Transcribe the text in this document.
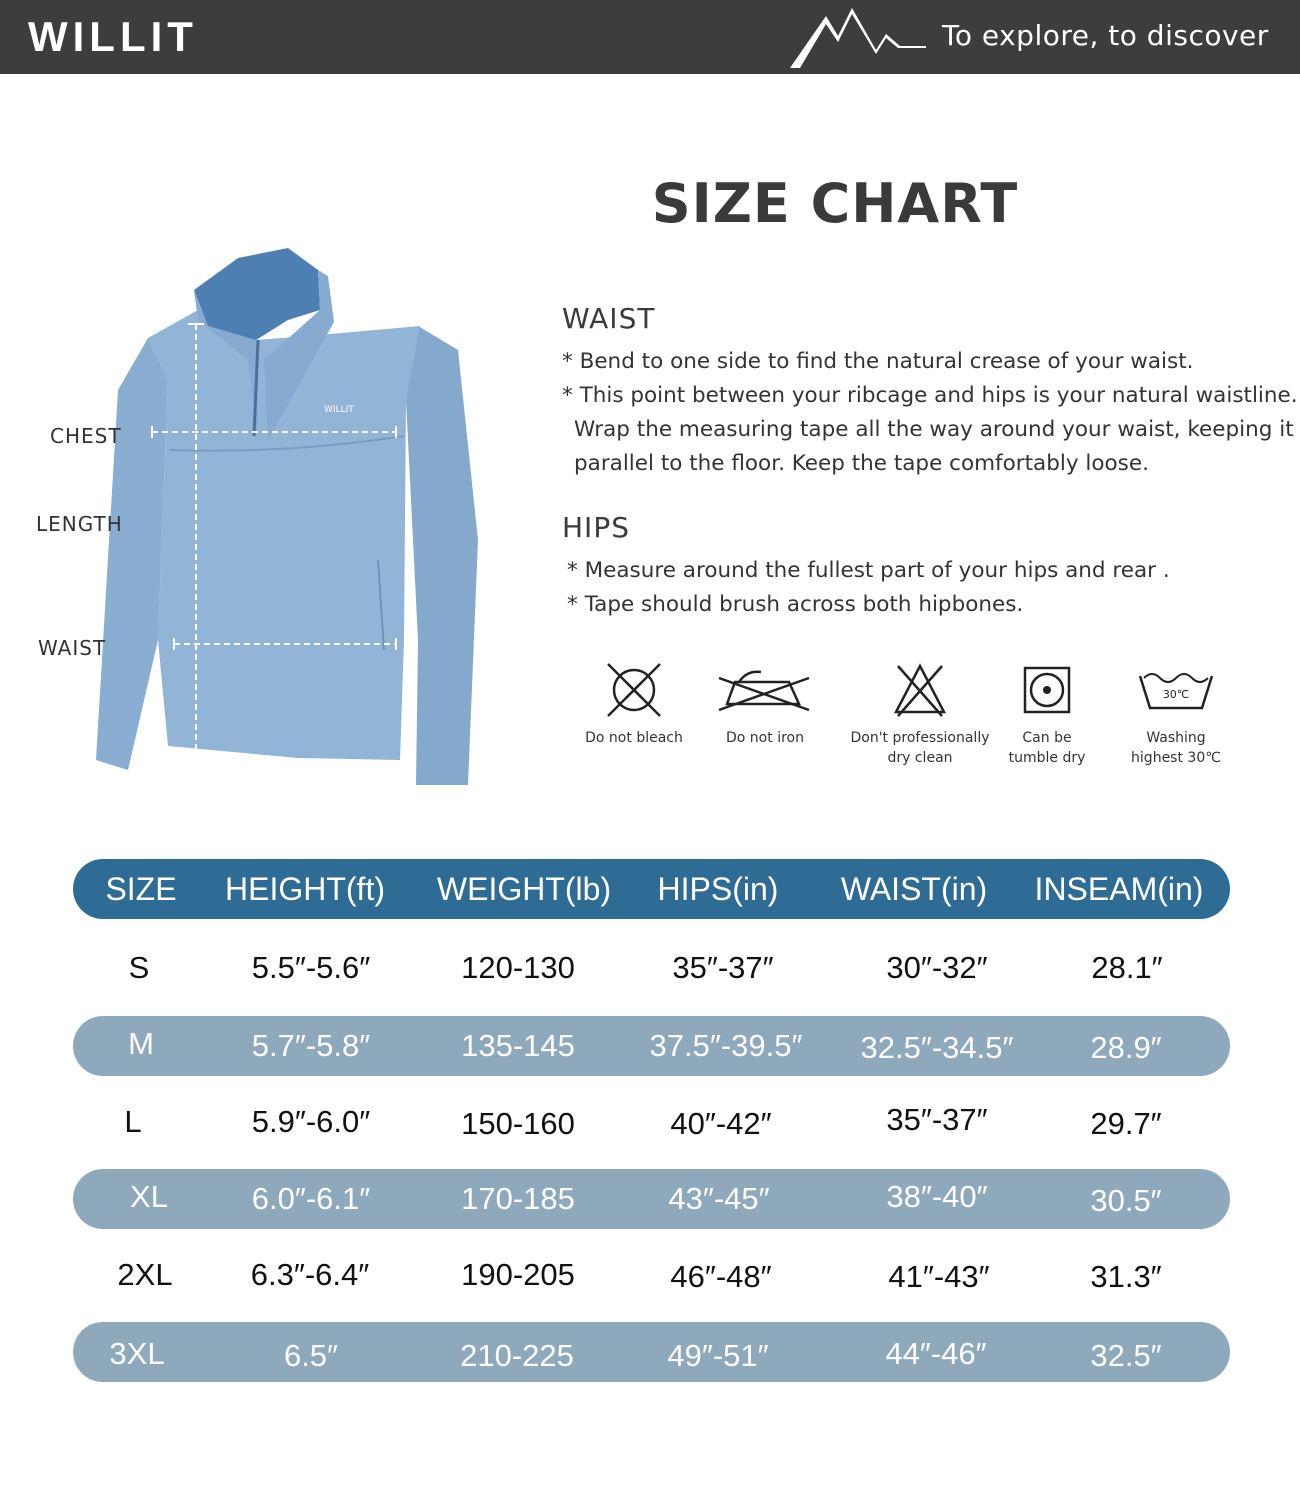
WILLIT	To explore, to discover
SIZE CHART
WILLIT
CHEST
LENGTH
WAIST
WAIST
* Bend to one side to find the natural crease of your waist.
* This point between your ribcage and hips is your natural waistline.
Wrap the measuring tape all the way around your waist, keeping it
parallel to the floor. Keep the tape comfortably loose.
HIPS
* Measure around the fullest part of your hips and rear .
* Tape should brush across both hipbones.
Do not bleach	Do not iron	Don't professionally
dry clean
Can be
tumble dry
30℃
Washing
highest 30℃
SIZE	HEIGHT(ft)	WEIGHT(lb)	HIPS(in)	WAIST(in)	INSEAM(in)
S	5.5″-5.6″	120-130	35″-37″	30″-32″	28.1″
M	5.7″-5.8″	135-145	37.5″-39.5″	32.5″-34.5″	28.9″
L	5.9″-6.0″	150-160	40″-42″	35″-37″	29.7″
XL	6.0″-6.1″	170-185	43″-45″	38″-40″	30.5″
2XL	6.3″-6.4″	190-205	46″-48″	41″-43″	31.3″
3XL	6.5″	210-225	49″-51″	44″-46″	32.5″
